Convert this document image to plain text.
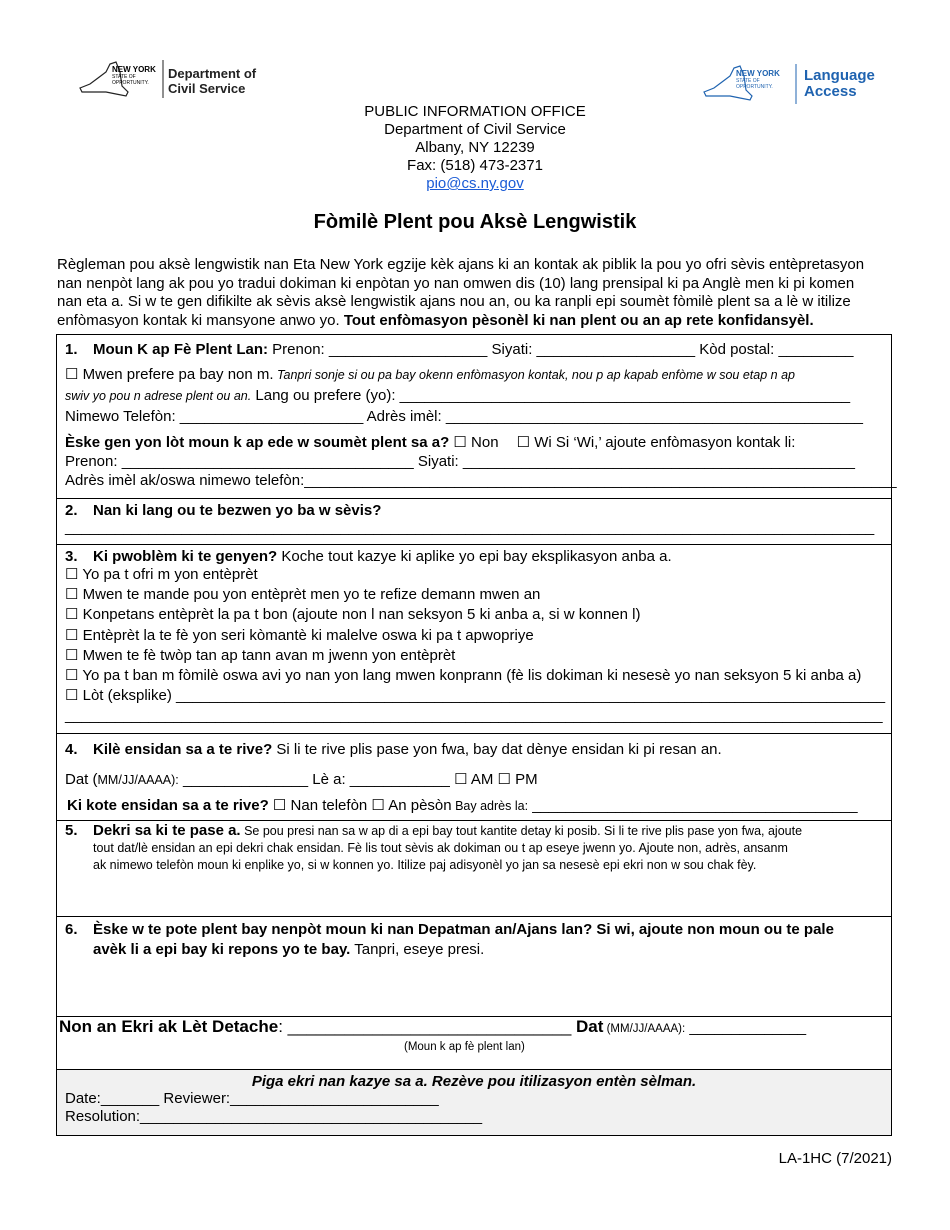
NEW YORK
STATE OF
OPPORTUNITY.
Department of
Civil Service
NEW YORK
STATE OF
OPPORTUNITY.
Language
Access
PUBLIC INFORMATION OFFICE
Department of Civil Service
Albany, NY 12239
Fax: (518) 473-2371
pio@cs.ny.gov
Fòmilè Plent pou Aksè Lengwistik
Règleman pou aksè lengwistik nan Eta New York egzije kèk ajans ki an kontak ak piblik la pou yo ofri sèvis entèpretasyon
nan nenpòt lang ak pou yo tradui dokiman ki enpòtan yo nan omwen dis (10) lang prensipal ki pa Anglè men ki pi komen
nan eta a. Si w te gen difikilte ak sèvis aksè lengwistik ajans nou an, ou ka ranpli epi soumèt fòmilè plent sa a lè w itilize
enfòmasyon kontak ki mansyone anwo yo. Tout enfòmasyon pèsonèl ki nan plent ou an ap rete konfidansyèl.
1. Moun K ap Fè Plent Lan: Prenon: ___________________ Siyati: ___________________ Kòd postal: _________
☐ Mwen prefere pa bay non m. Tanpri sonje si ou pa bay okenn enfòmasyon kontak, nou p ap kapab enfòme w sou etap n ap
swiv yo pou n adrese plent ou an. Lang ou prefere (yo): ______________________________________________________
Nimewo Telefòn: ______________________ Adrès imèl: __________________________________________________
Èske gen yon lòt moun k ap ede w soumèt plent sa a? ☐ Non ☐ Wi Si ‘Wi,’ ajoute enfòmasyon kontak li:
Prenon: ___________________________________ Siyati: _______________________________________________
Adrès imèl ak/oswa nimewo telefòn:_______________________________________________________________________
2. Nan ki lang ou te bezwen yo ba w sèvis?
_________________________________________________________________________________________________
3. Ki pwoblèm ki te genyen? Koche tout kazye ki aplike yo epi bay eksplikasyon anba a.
☐ Yo pa t ofri m yon entèprèt
☐ Mwen te mande pou yon entèprèt men yo te refize demann mwen an
☐ Konpetans entèprèt la pa t bon (ajoute non l nan seksyon 5 ki anba a, si w konnen l)
☐ Entèprèt la te fè yon seri kòmantè ki malelve oswa ki pa t apwopriye
☐ Mwen te fè twòp tan ap tann avan m jwenn yon entèprèt
☐ Yo pa t ban m fòmilè oswa avi yo nan yon lang mwen konprann (fè lis dokiman ki nesesè yo nan seksyon 5 ki anba a)
☐ Lòt (eksplike) _____________________________________________________________________________________
__________________________________________________________________________________________________
4. Kilè ensidan sa a te rive? Si li te rive plis pase yon fwa, bay dat dènye ensidan ki pi resan an.
Dat (MM/JJ/AAAA): _______________ Lè a: ____________ ☐ AM ☐ PM
Ki kote ensidan sa a te rive? ☐ Nan telefòn ☐ An pèsòn Bay adrès la: _______________________________________
5. Dekri sa ki te pase a. Se pou presi nan sa w ap di a epi bay tout kantite detay ki posib. Si li te rive plis pase yon fwa, ajoute
tout dat/lè ensidan an epi dekri chak ensidan. Fè lis tout sèvis ak dokiman ou t ap eseye jwenn yo. Ajoute non, adrès, ansanm
ak nimewo telefòn moun ki enplike yo, si w konnen yo. Itilize paj adisyonèl yo jan sa nesesè epi ekri non w sou chak fèy.
6. Èske w te pote plent bay nenpòt moun ki nan Depatman an/Ajans lan? Si wi, ajoute non moun ou te pale
avèk li a epi bay ki repons yo te bay. Tanpri, eseye presi.
Non an Ekri ak Lèt Detache: ______________________________ Dat (MM/JJ/AAAA): ______________
(Moun k ap fè plent lan)
Piga ekri nan kazye sa a. Rezève pou itilizasyon entèn sèlman.
Date:_______ Reviewer:_________________________
Resolution:_________________________________________
LA-1HC (7/2021)
